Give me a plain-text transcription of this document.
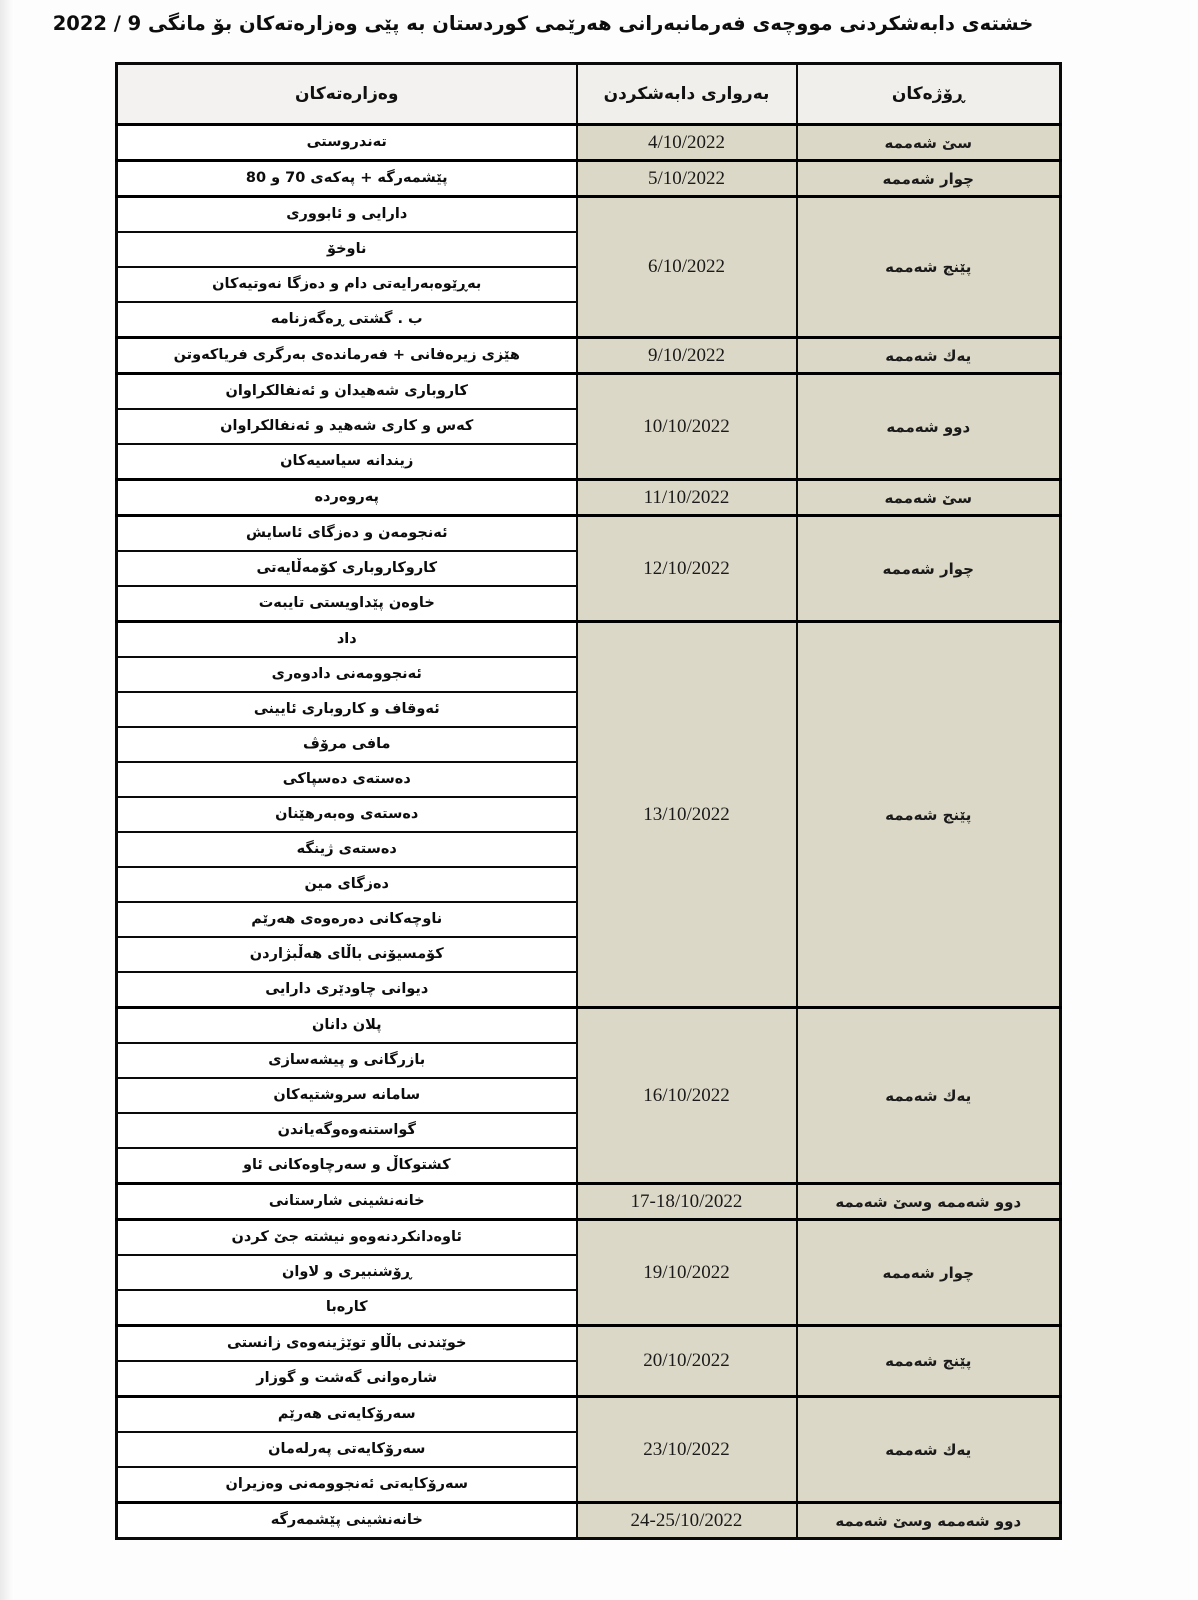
خشتەی دابەشکردنی مووچەی فەرمانبەرانی هەرێمی کوردستان بە پێی وەزارەتەکان بۆ مانگی 9 / 2022
ڕۆژەکان	بەرواری دابەشکردن	وەزارەتەکان
سێ شەممە	4/10/2022	تەندروستی
چوار شەممە	5/10/2022	پێشمەرگە + پەکەی 70 و 80
پێنج شەممە	6/10/2022	دارایی و ئابووری
		ناوخۆ
		بەڕێوەبەرایەتی دام و دەزگا نەوتیەکان
		ب . گشتی ڕەگەزنامە
یەك شەممە	9/10/2022	هێزی زیرەفانی + فەرماندەی بەرگری فریاکەوتن
دوو شەممە	10/10/2022	کاروباری شەهیدان و ئەنفالکراوان
		کەس و کاری شەهید و ئەنفالکراوان
		زیندانە سیاسیەکان
سێ شەممە	11/10/2022	پەروەردە
چوار شەممە	12/10/2022	ئەنجومەن و دەزگای ئاسایش
		کاروکاروباری کۆمەڵایەتی
		خاوەن پێداویستی تایبەت
پێنج شەممە	13/10/2022	داد
		ئەنجوومەنی دادوەری
		ئەوقاف و کاروباری ئایینی
		مافی مرۆڤ
		دەستەی دەسپاکی
		دەستەی وەبەرهێنان
		دەستەی ژینگە
		دەزگای مین
		ناوچەکانی دەرەوەی هەرێم
		کۆمسیۆنی باڵای هەڵبژاردن
		دیوانی چاودێری دارایی
یەك شەممە	16/10/2022	پلان دانان
		بازرگانی و پیشەسازی
		سامانە سروشتیەکان
		گواستنەوەوگەیاندن
		کشتوکاڵ و سەرچاوەکانی ئاو
دوو شەممە وسێ شەممە	17-18/10/2022	خانەنشینی شارستانی
چوار شەممە	19/10/2022	ئاوەدانکردنەوەو نیشتە جێ کردن
		ڕۆشنبیری و لاوان
		کارەبا
پێنج شەممە	20/10/2022	خوێندنی باڵاو توێژینەوەی زانستی
		شارەوانی گەشت و گوزار
یەك شەممە	23/10/2022	سەرۆکایەتی هەرێم
		سەرۆکایەتی پەرلەمان
		سەرۆکایەتی ئەنجوومەنی وەزیران
دوو شەممە وسێ شەممە	24-25/10/2022	خانەنشینی پێشمەرگە
